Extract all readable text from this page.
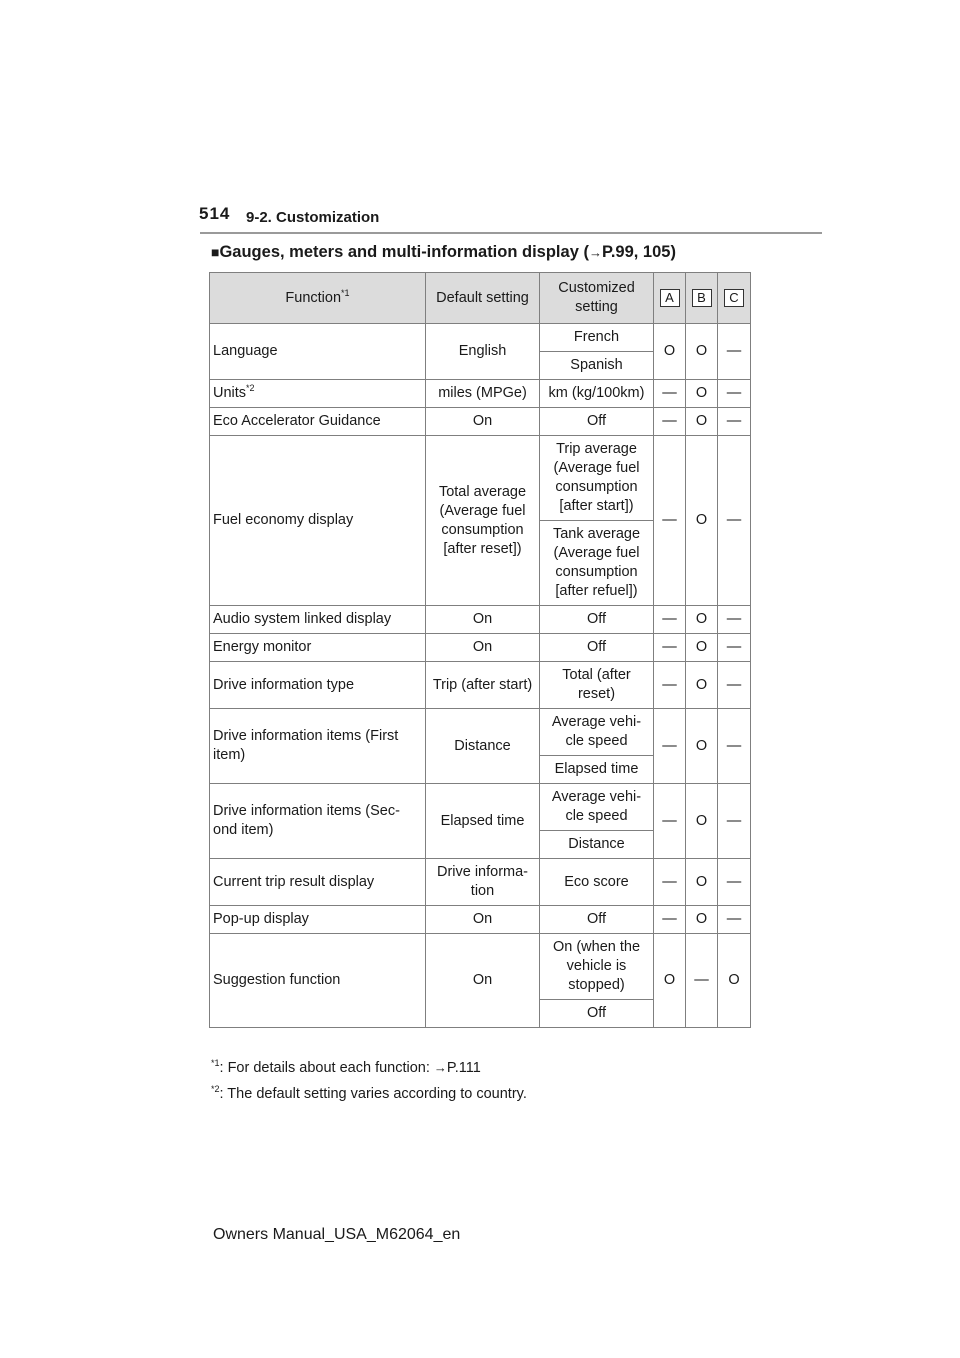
514 9-2. Customization
■Gauges, meters and multi-information display (→P.99, 105)
Function$^{*1}$	Default setting	Customized setting	A	B	C
Language	English	French	O	O	—
		Spanish			
Units$^{*2}$	miles (MPGe)	km (kg/100km)	—	O	—
Eco Accelerator Guidance	On	Off	—	O	—
Fuel economy display	Total average (Average fuel consumption [after reset])	Trip average (Average fuel consumption [after start])	—	O	—
		Tank average (Average fuel consumption [after refuel])			
Audio system linked display	On	Off	—	O	—
Energy monitor	On	Off	—	O	—
Drive information type	Trip (after start)	Total (after reset)	—	O	—
Drive information items (First item)	Distance	Average vehi-cle speed	—	O	—
		Elapsed time			
Drive information items (Sec-ond item)	Elapsed time	Average vehi-cle speed	—	O	—
		Distance			
Current trip result display	Drive informa-tion	Eco score	—	O	—
Pop-up display	On	Off	—	O	—
Suggestion function	On	On (when the vehicle is stopped)	O	—	O
		Off			
$^{*1}$: For details about each function: →P.111
$^{*2}$: The default setting varies according to country.
Owners Manual_USA_M62064_en
